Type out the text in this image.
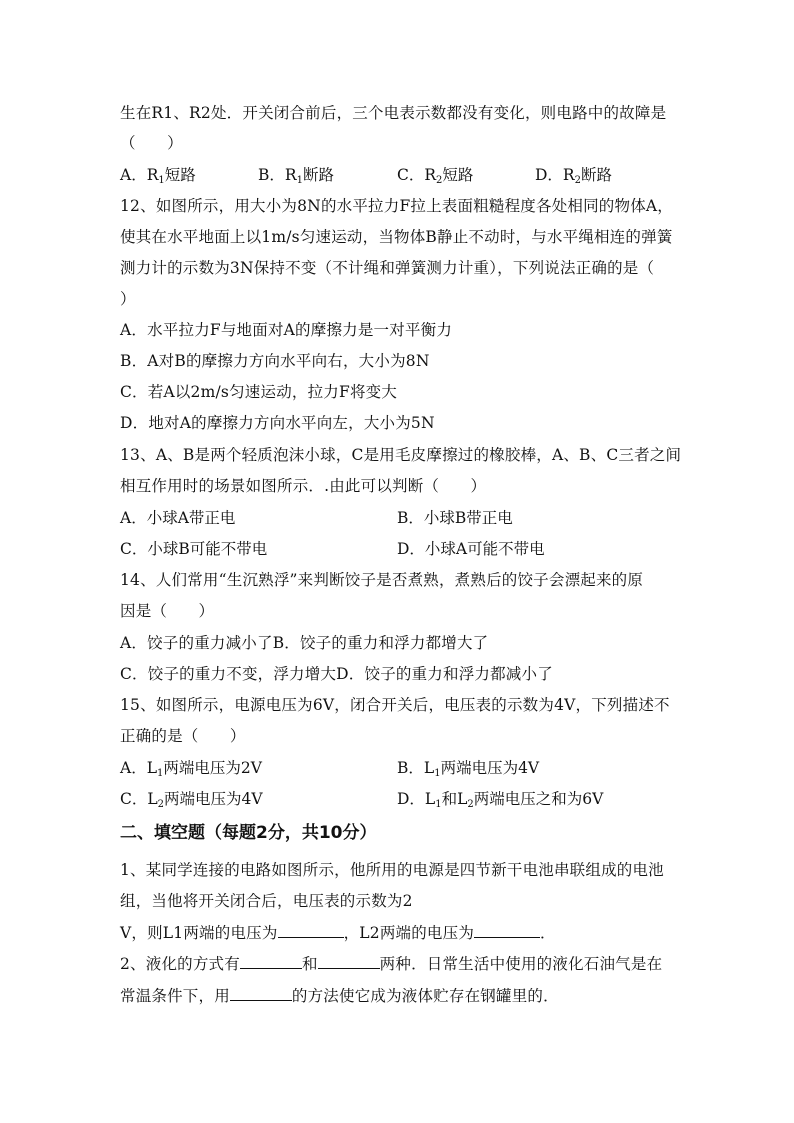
生在R1、R2处．开关闭合前后，三个电表示数都没有变化，则电路中的故障是
（　　）
A．$R_1$短路	B．$R_1$断路	C．$R_2$短路	D．$R_2$断路
12、如图所示，用大小为8N的水平拉力F拉上表面粗糙程度各处相同的物体A，
使其在水平地面上以1m/s匀速运动，当物体B静止不动时，与水平绳相连的弹簧
测力计的示数为3N保持不变（不计绳和弹簧测力计重），下列说法正确的是（
）
A．水平拉力F与地面对A的摩擦力是一对平衡力
B．A对B的摩擦力方向水平向右，大小为8N
C．若A以2m/s匀速运动，拉力F将变大
D．地对A的摩擦力方向水平向左，大小为5N
13、A、B是两个轻质泡沫小球，C是用毛皮摩擦过的橡胶棒，A、B、C三者之间
相互作用时的场景如图所示．.由此可以判断（　　）
A．小球A带正电	B．小球B带正电
C．小球B可能不带电	D．小球A可能不带电
14、人们常用“生沉熟浮”来判断饺子是否煮熟，煮熟后的饺子会漂起来的原
因是（　　）
A．饺子的重力减小了B．饺子的重力和浮力都增大了
C．饺子的重力不变，浮力增大D．饺子的重力和浮力都减小了
15、如图所示，电源电压为6V，闭合开关后，电压表的示数为4V，下列描述不
正确的是（　　）
A．$L_1$两端电压为2V	B．$L_1$两端电压为4V
C．$L_2$两端电压为4V	D．$L_1$和$L_2$两端电压之和为6V
二、填空题（每题2分，共10分）
1、某同学连接的电路如图所示，他所用的电源是四节新干电池串联组成的电池
组，当他将开关闭合后，电压表的示数为2
V，则L1两端的电压为	，L2两端的电压为	．
2、液化的方式有	和	两种．日常生活中使用的液化石油气是在
常温条件下，用	的方法使它成为液体贮存在钢罐里的．
